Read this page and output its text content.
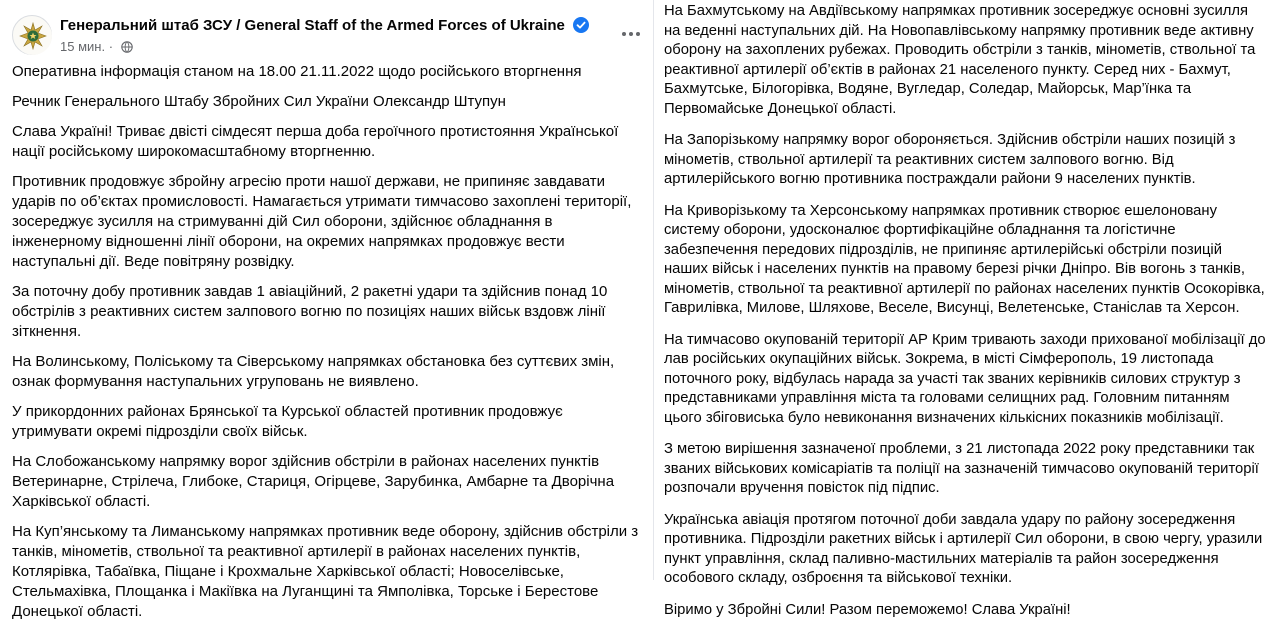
Генеральний штаб ЗСУ / General Staff of the Armed Forces of Ukraine
15 мин. ·

Оперативна інформація станом на 18.00 21.11.2022 щодо російського вторгнення

Речник Генерального Штабу Збройних Сил України Олександр Штупун

Слава Україні! Триває двісті сімдесят перша доба героїчного протистояння Української нації російському широкомасштабному вторгненню.

Противник продовжує збройну агресію проти нашої держави, не припиняє завдавати ударів по об’єктах промисловості. Намагається утримати тимчасово захоплені території, зосереджує зусилля на стримуванні дій Сил оборони, здійснює обладнання в інженерному відношенні лінії оборони, на окремих напрямках продовжує вести наступальні дії. Веде повітряну розвідку.

За поточну добу противник завдав 1 авіаційний, 2 ракетні удари та здійснив понад 10 обстрілів з реактивних систем залпового вогню по позиціях наших військ вздовж лінії зіткнення.

На Волинському, Поліському та Сіверському напрямках обстановка без суттєвих змін, ознак формування наступальних угруповань не виявлено.

У прикордонних районах Брянської та Курської областей противник продовжує утримувати окремі підрозділи своїх військ.

На Слобожанському напрямку ворог здійснив обстріли в районах населених пунктів Ветеринарне, Стрілеча, Глибоке, Стариця, Огірцеве, Зарубинка, Амбарне та Дворічна Харківської області.

На Куп’янському та Лиманському напрямках противник веде оборону, здійснив обстріли з танків, мінометів, ствольної та реактивної артилерії в районах населених пунктів, Котлярівка, Табаївка, Піщане і Крохмальне Харківської області; Новоселівське, Стельмахівка, Площанка і Макіївка на Луганщині та Ямполівка, Торське і Берестове Донецької області.

На Бахмутському на Авдіївському напрямках противник зосереджує основні зусилля на веденні наступальних дій. На Новопавлівському напрямку противник веде активну оборону на захоплених рубежах. Проводить обстріли з танків, мінометів, ствольної та реактивної артилерії об’єктів в районах 21 населеного пункту. Серед них - Бахмут, Бахмутське, Білогорівка, Водяне, Вугледар, Соледар, Майорськ, Мар’їнка та Первомайське Донецької області.

На Запорізькому напрямку ворог обороняється. Здійснив обстріли наших позицій з мінометів, ствольної артилерії та реактивних систем залпового вогню. Від артилерійського вогню противника постраждали райони 9 населених пунктів.

На Криворізькому та Херсонському напрямках противник створює ешелоновану систему оборони, удосконалює фортифікаційне обладнання та логістичне забезпечення передових підрозділів, не припиняє артилерійські обстріли позицій наших військ і населених пунктів на правому березі річки Дніпро. Вів вогонь з танків, мінометів, ствольної та реактивної артилерії по районах населених пунктів Осокорівка, Гаврилівка, Милове, Шляхове, Веселе, Висунці, Велетенське, Станіслав та Херсон.

На тимчасово окупованій території АР Крим тривають заходи прихованої мобілізації до лав російських окупаційних військ. Зокрема, в місті Сімферополь, 19 листопада поточного року, відбулась нарада за участі так званих керівників силових структур з представниками управління міста та головами селищних рад. Головним питанням цього збіговиська було невиконання визначених кількісних показників мобілізації.

З метою вирішення зазначеної проблеми, з 21 листопада 2022 року представники так званих військових комісаріатів та поліції на зазначеній тимчасово окупованій території розпочали вручення повісток під підпис.

Українська авіація протягом поточної доби завдала удару по району зосередження противника. Підрозділи ракетних військ і артилерії Сил оборони, в свою чергу, уразили пункт управління, склад паливно-мастильних матеріалів та район зосередження особового складу, озброєння та військової техніки.

Віримо у Збройні Сили! Разом переможемо! Слава Україні!
